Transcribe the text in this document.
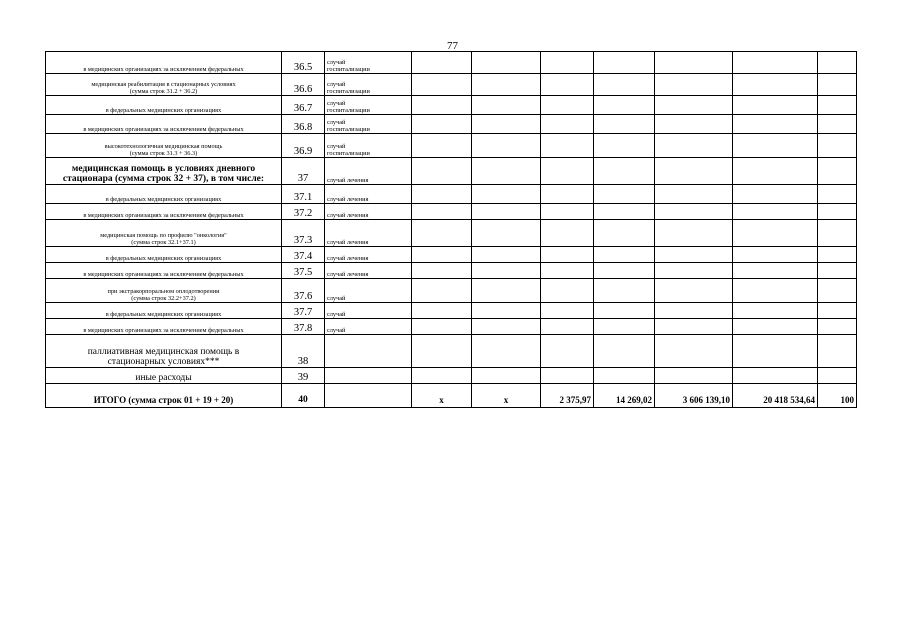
77
в медицинских организациях за исключением федеральных	36.5	случай
госпитализации							

медицинская реабилитация в стационарных условиях
(сумма строк 31.2 + 36.2)	36.6	случай
госпитализации							

в федеральных медицинских организациях	36.7	случай
госпитализации							

в медицинских организациях за исключением федеральных	36.8	случай
госпитализации							

высокотехнологичная медицинская помощь
(сумма строк 31.3 + 36.3)	36.9	случай
госпитализации							

медицинская помощь в условиях дневного
стационара (сумма строк 32 + 37), в том числе:	37	случай лечения							

в федеральных медицинских организациях	37.1	случай лечения							

в медицинских организациях за исключением федеральных	37.2	случай лечения							

медицинская помощь по профилю "онкология"
(сумма строк 32.1+37.1)	37.3	случай лечения							

в федеральных медицинских организациях	37.4	случай лечения							

в медицинских организациях за исключением федеральных	37.5	случай лечения							

при экстракорпоральном оплодотворении
(сумма строк 32.2+37.2)	37.6	случай							

в федеральных медицинских организациях	37.7	случай							

в медицинских организациях за исключением федеральных	37.8	случай							

паллиативная медицинская помощь в
стационарных условиях***	38								

иные расходы	39								
ИТОГО (сумма строк 01 + 19 + 20)	40		х	х	2 375,97	14 269,02	3 606 139,10	20 418 534,64	100
